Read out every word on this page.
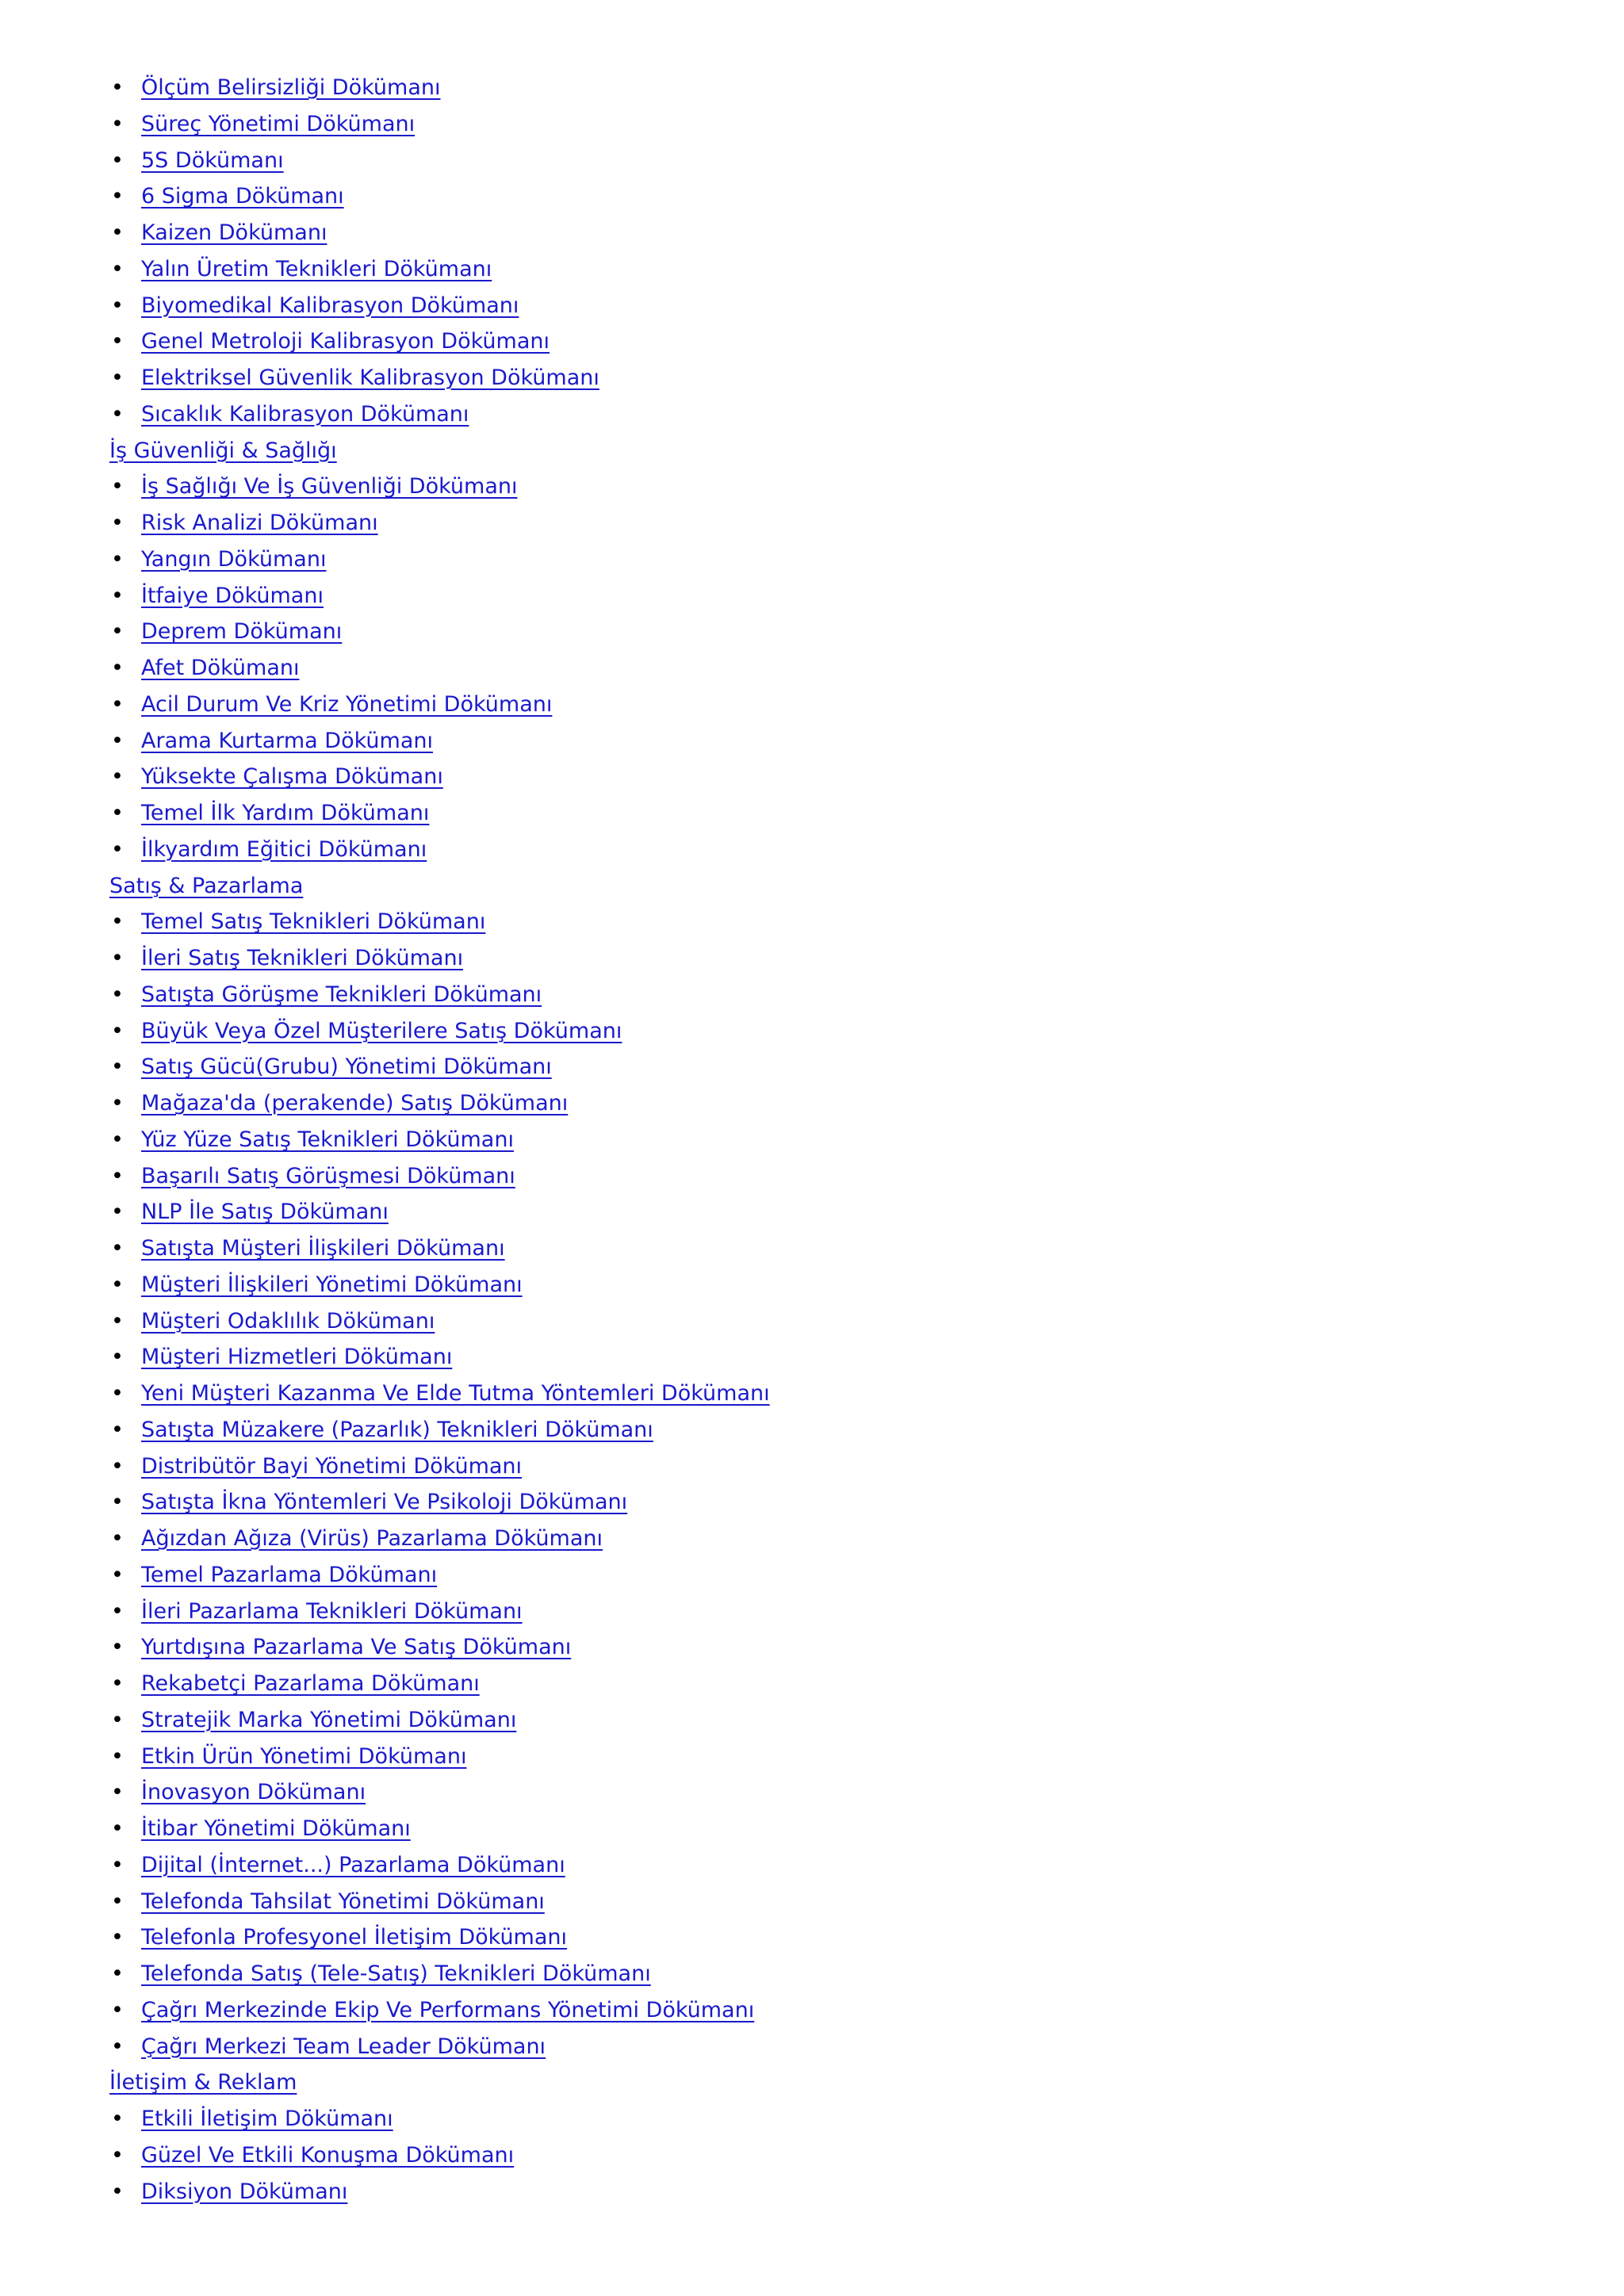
• Ölçüm Belirsizliği Dökümanı
• Süreç Yönetimi Dökümanı
• 5S Dökümanı
• 6 Sigma Dökümanı
• Kaizen Dökümanı
• Yalın Üretim Teknikleri Dökümanı
• Biyomedikal Kalibrasyon Dökümanı
• Genel Metroloji Kalibrasyon Dökümanı
• Elektriksel Güvenlik Kalibrasyon Dökümanı
• Sıcaklık Kalibrasyon Dökümanı
İş Güvenliği & Sağlığı
• İş Sağlığı Ve İş Güvenliği Dökümanı
• Risk Analizi Dökümanı
• Yangın Dökümanı
• İtfaiye Dökümanı
• Deprem Dökümanı
• Afet Dökümanı
• Acil Durum Ve Kriz Yönetimi Dökümanı
• Arama Kurtarma Dökümanı
• Yüksekte Çalışma Dökümanı
• Temel İlk Yardım Dökümanı
• İlkyardım Eğitici Dökümanı
Satış & Pazarlama
• Temel Satış Teknikleri Dökümanı
• İleri Satış Teknikleri Dökümanı
• Satışta Görüşme Teknikleri Dökümanı
• Büyük Veya Özel Müşterilere Satış Dökümanı
• Satış Gücü(Grubu) Yönetimi Dökümanı
• Mağaza'da (perakende) Satış Dökümanı
• Yüz Yüze Satış Teknikleri Dökümanı
• Başarılı Satış Görüşmesi Dökümanı
• NLP İle Satış Dökümanı
• Satışta Müşteri İlişkileri Dökümanı
• Müşteri İlişkileri Yönetimi Dökümanı
• Müşteri Odaklılık Dökümanı
• Müşteri Hizmetleri Dökümanı
• Yeni Müşteri Kazanma Ve Elde Tutma Yöntemleri Dökümanı
• Satışta Müzakere (Pazarlık) Teknikleri Dökümanı
• Distribütör Bayi Yönetimi Dökümanı
• Satışta İkna Yöntemleri Ve Psikoloji Dökümanı
• Ağızdan Ağıza (Virüs) Pazarlama Dökümanı
• Temel Pazarlama Dökümanı
• İleri Pazarlama Teknikleri Dökümanı
• Yurtdışına Pazarlama Ve Satış Dökümanı
• Rekabetçi Pazarlama Dökümanı
• Stratejik Marka Yönetimi Dökümanı
• Etkin Ürün Yönetimi Dökümanı
• İnovasyon Dökümanı
• İtibar Yönetimi Dökümanı
• Dijital (İnternet...) Pazarlama Dökümanı
• Telefonda Tahsilat Yönetimi Dökümanı
• Telefonla Profesyonel İletişim Dökümanı
• Telefonda Satış (Tele-Satış) Teknikleri Dökümanı
• Çağrı Merkezinde Ekip Ve Performans Yönetimi Dökümanı
• Çağrı Merkezi Team Leader Dökümanı
İletişim & Reklam
• Etkili İletişim Dökümanı
• Güzel Ve Etkili Konuşma Dökümanı
• Diksiyon Dökümanı
